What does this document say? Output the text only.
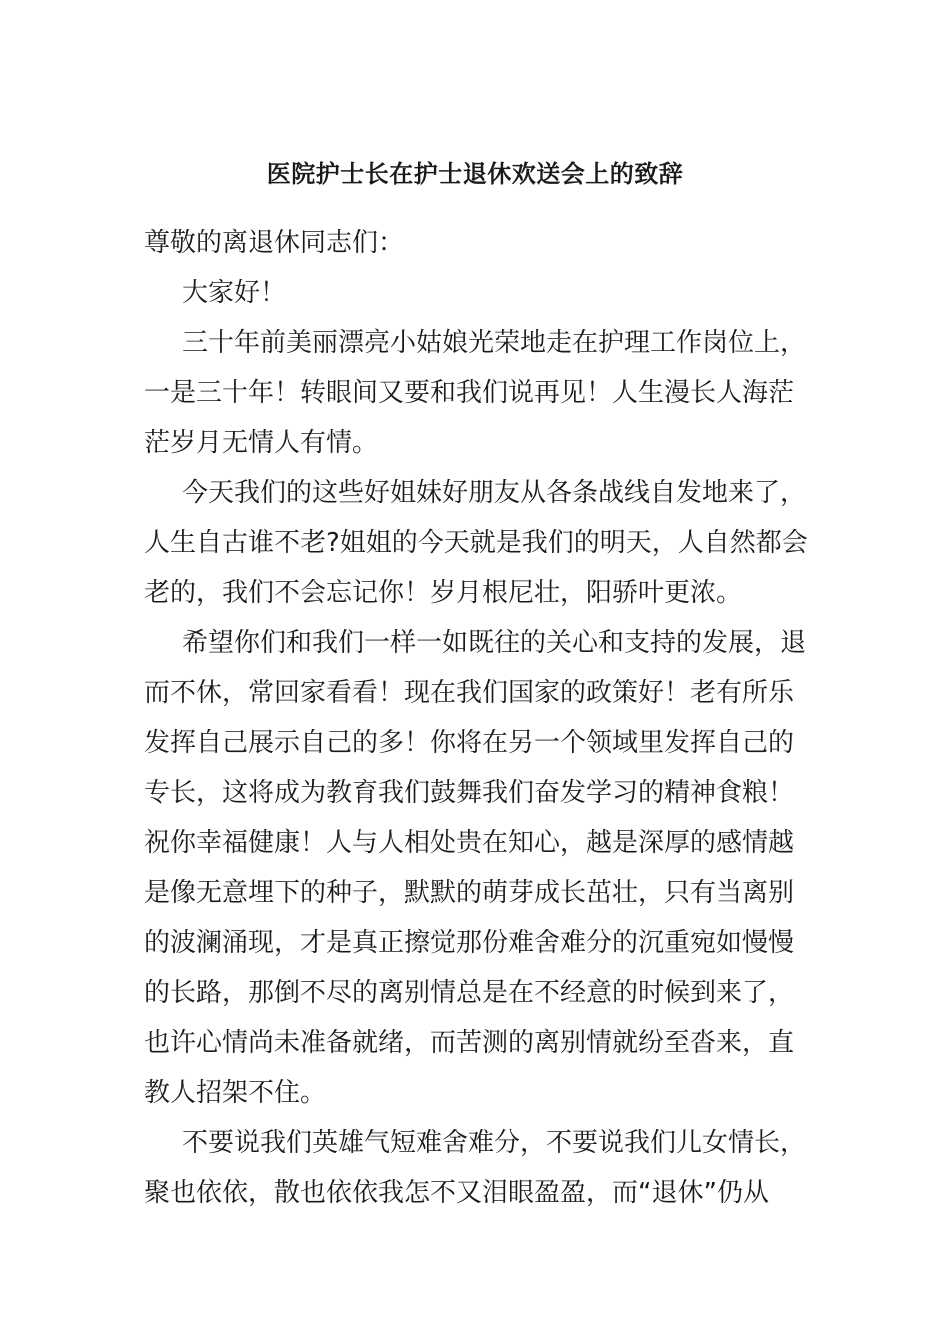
医院护士长在护士退休欢送会上的致辞

尊敬的离退休同志们：

大家好！

三十年前美丽漂亮小姑娘光荣地走在护理工作岗位上，
一是三十年！转眼间又要和我们说再见！人生漫长人海茫
茫岁月无情人有情。

今天我们的这些好姐妹好朋友从各条战线自发地来了，
人生自古谁不老?姐姐的今天就是我们的明天，人自然都会
老的，我们不会忘记你！岁月根尼壮，阳骄叶更浓。

希望你们和我们一样一如既往的关心和支持的发展，退
而不休，常回家看看！现在我们国家的政策好！老有所乐
发挥自己展示自己的多！你将在另一个领域里发挥自己的
专长，这将成为教育我们鼓舞我们奋发学习的精神食粮！
祝你幸福健康！人与人相处贵在知心，越是深厚的感情越
是像无意埋下的种子，默默的萌芽成长茁壮，只有当离别
的波澜涌现，才是真正擦觉那份难舍难分的沉重宛如慢慢
的长路，那倒不尽的离别情总是在不经意的时候到来了，
也许心情尚未准备就绪，而苦测的离别情就纷至沓来，直
教人招架不住。

不要说我们英雄气短难舍难分，不要说我们儿女情长，
聚也依依，散也依依我怎不又泪眼盈盈，而“退休”仍从
